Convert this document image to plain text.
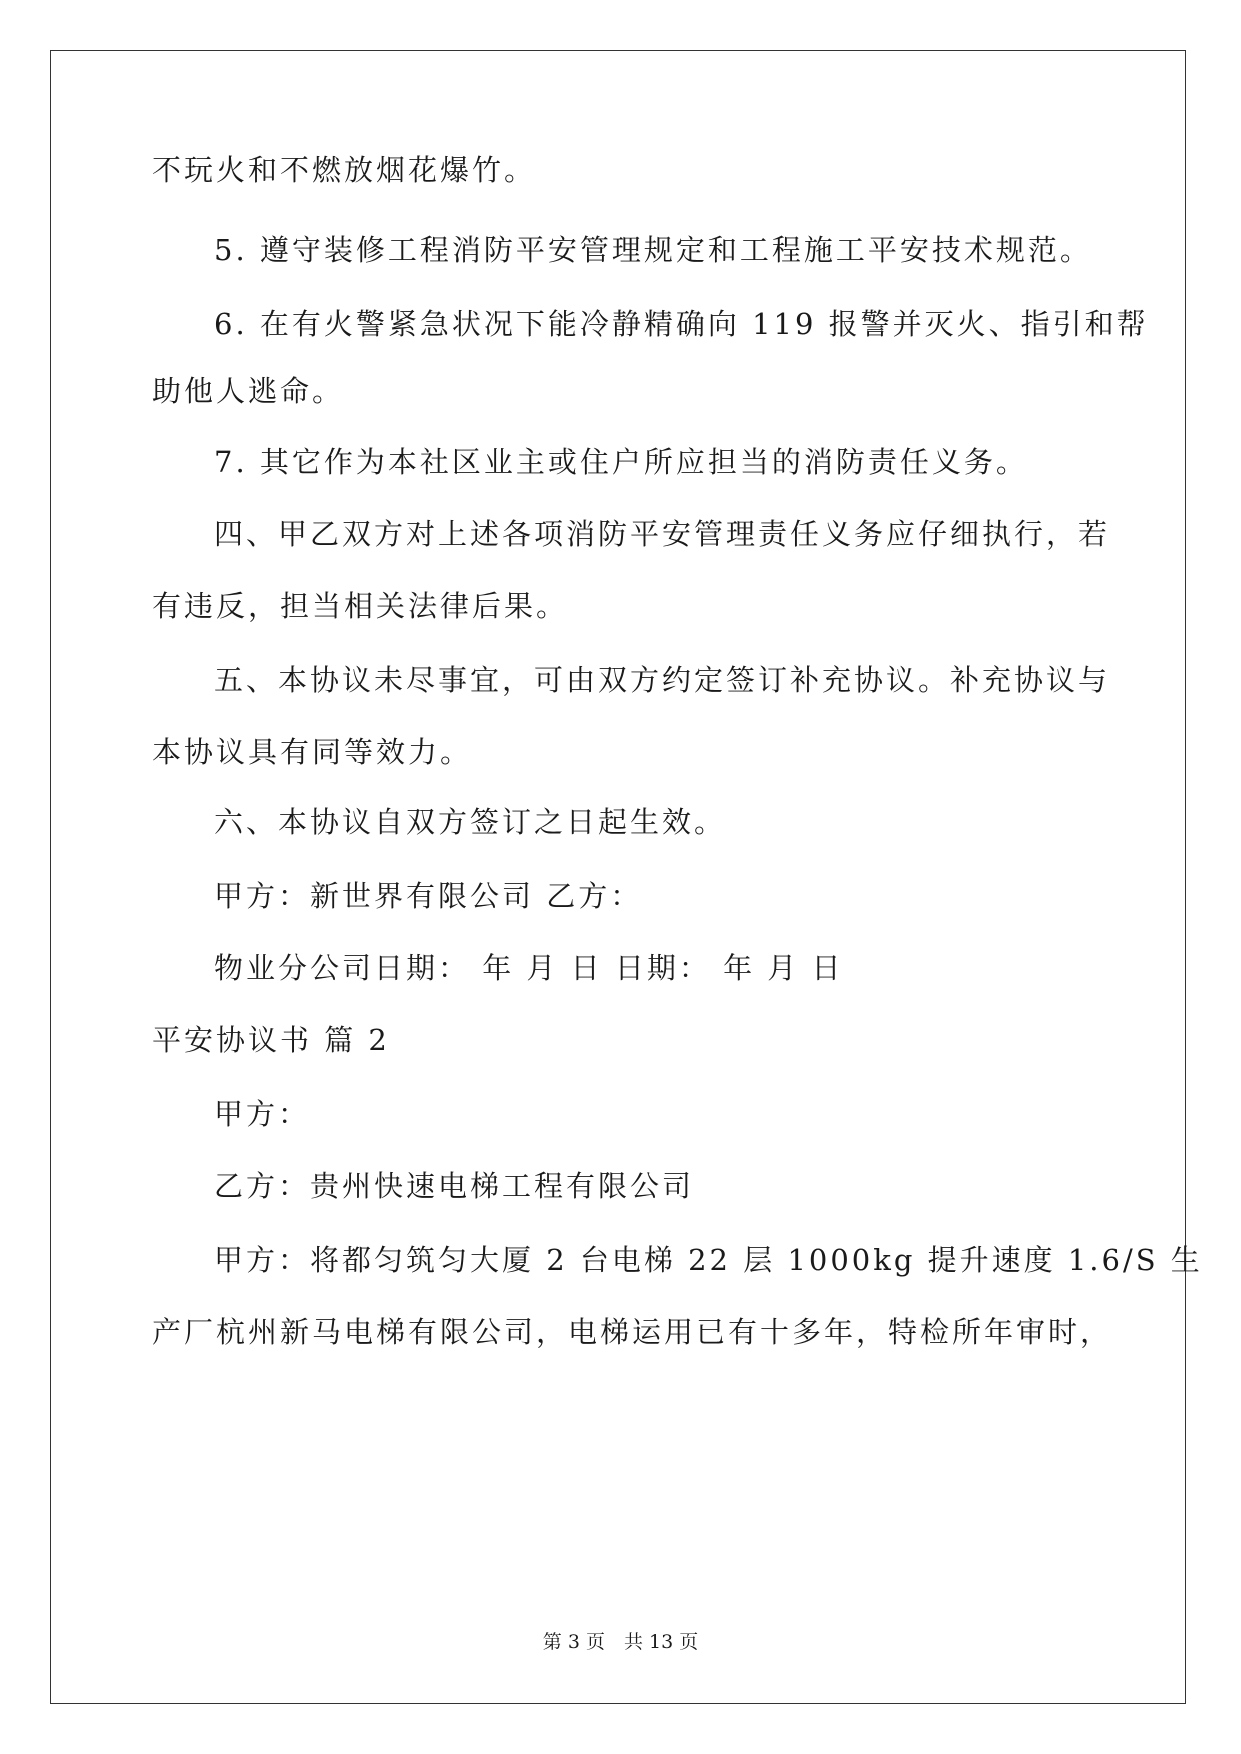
不玩火和不燃放烟花爆竹。
5. 遵守装修工程消防平安管理规定和工程施工平安技术规范。
6. 在有火警紧急状况下能冷静精确向 119 报警并灭火、指引和帮
助他人逃命。
7. 其它作为本社区业主或住户所应担当的消防责任义务。
四、甲乙双方对上述各项消防平安管理责任义务应仔细执行，若
有违反，担当相关法律后果。
五、本协议未尽事宜，可由双方约定签订补充协议。补充协议与
本协议具有同等效力。
六、本协议自双方签订之日起生效。
甲方：新世界有限公司 乙方：
物业分公司日期： 年 月 日 日期： 年 月 日
平安协议书 篇 2
甲方：
乙方：贵州快速电梯工程有限公司
甲方：将都匀筑匀大厦 2 台电梯 22 层 1000kg 提升速度 1.6/S 生
产厂杭州新马电梯有限公司，电梯运用已有十多年，特检所年审时，
第 3 页　共 13 页
